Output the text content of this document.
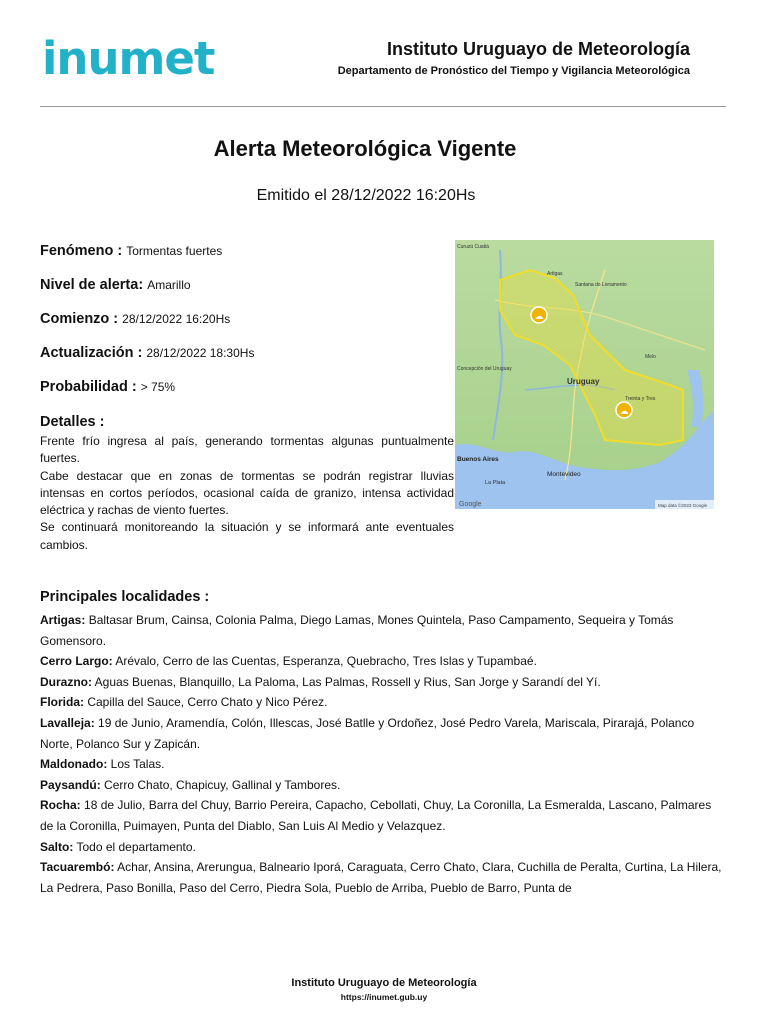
inumet	Instituto Uruguayo de Meteorología
Departamento de Pronóstico del Tiempo y Vigilancia Meteorológica
Alerta Meteorológica Vigente
Emitido el 28/12/2022 16:20Hs
Fenómeno : Tormentas fuertes
Nivel de alerta: Amarillo
Comienzo : 28/12/2022 16:20Hs
Actualización : 28/12/2022 18:30Hs
Probabilidad : > 75%
Detalles :

Frente frío ingresa al país, generando tormentas algunas puntualmente fuertes.

Cabe destacar que en zonas de tormentas se podrán registrar lluvias intensas en cortos períodos, ocasional caída de granizo, intensa actividad eléctrica y rachas de viento fuertes.

Se continuará monitoreando la situación y se informará ante eventuales cambios.

☁
☁
Uruguay
Montevideo
Buenos Aires
La Plata
Curuzú Cuatiá
Concepción del Uruguay
Artigas
Melo
Treinta y Tres
Santana do Livramento
Map data ©2022 Google
Google
Principales localidades :

Artigas: Baltasar Brum, Cainsa, Colonia Palma, Diego Lamas, Mones Quintela, Paso Campamento, Sequeira y Tomás Gomensoro.

Cerro Largo: Arévalo, Cerro de las Cuentas, Esperanza, Quebracho, Tres Islas y Tupambaé.

Durazno: Aguas Buenas, Blanquillo, La Paloma, Las Palmas, Rossell y Rius, San Jorge y Sarandí del Yí.

Florida: Capilla del Sauce, Cerro Chato y Nico Pérez.

Lavalleja: 19 de Junio, Aramendía, Colón, Illescas, José Batlle y Ordoñez, José Pedro Varela, Mariscala, Pirarajá, Polanco Norte, Polanco Sur y Zapicán.

Maldonado: Los Talas.

Paysandú: Cerro Chato, Chapicuy, Gallinal y Tambores.

Rocha: 18 de Julio, Barra del Chuy, Barrio Pereira, Capacho, Cebollati, Chuy, La Coronilla, La Esmeralda, Lascano, Palmares de la Coronilla, Puimayen, Punta del Diablo, San Luis Al Medio y Velazquez.

Salto: Todo el departamento.

Tacuarembó: Achar, Ansina, Arerungua, Balneario Iporá, Caraguata, Cerro Chato, Clara, Cuchilla de Peralta, Curtina, La Hilera, La Pedrera, Paso Bonilla, Paso del Cerro, Piedra Sola, Pueblo de Arriba, Pueblo de Barro, Punta de

Instituto Uruguayo de Meteorología
https://inumet.gub.uy
